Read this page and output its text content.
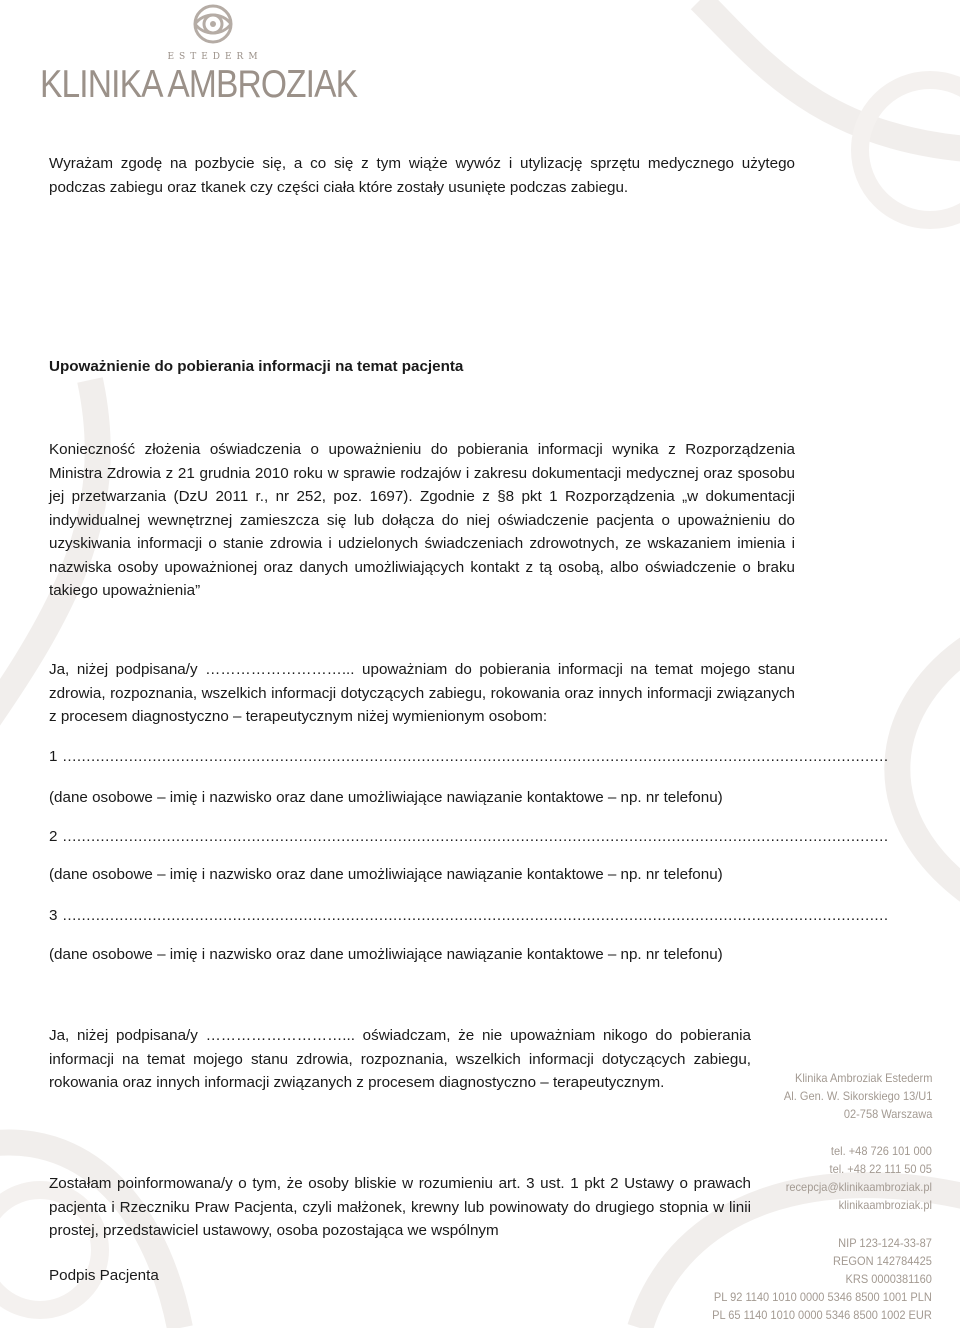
ESTEDERM
KLINIKA AMBROZIAK

Wyrażam zgodę na pozbycie się, a co się z tym wiąże wywóz i utylizację sprzętu medycznego użytego podczas zabiegu oraz tkanek czy części ciała które zostały usunięte podczas zabiegu.

Upoważnienie do pobierania informacji na temat pacjenta

Konieczność złożenia oświadczenia o upoważnieniu do pobierania informacji wynika z Rozporządzenia Ministra Zdrowia z 21 grudnia 2010 roku w sprawie rodzajów i zakresu dokumentacji medycznej oraz sposobu jej przetwarzania (DzU 2011 r., nr 252, poz. 1697). Zgodnie z §8 pkt 1 Rozporządzenia „w dokumentacji indywidualnej wewnętrznej zamieszcza się lub dołącza do niej oświadczenie pacjenta o upoważnieniu do uzyskiwania informacji o stanie zdrowia i udzielonych świadczeniach zdrowotnych, ze wskazaniem imienia i nazwiska osoby upoważnionej oraz danych umożliwiających kontakt z tą osobą, albo oświadczenie o braku takiego upoważnienia”

Ja, niżej podpisana/y ………………………... upoważniam do pobierania informacji na temat mojego stanu zdrowia, rozpoznania, wszelkich informacji dotyczących zabiegu, rokowania oraz innych informacji związanych z procesem diagnostyczno – terapeutycznym niżej wymienionym osobom:

1 ...............................................................................................................................................................................

(dane osobowe – imię i nazwisko oraz dane umożliwiające nawiązanie kontaktowe – np. nr telefonu)

2 ...............................................................................................................................................................................

(dane osobowe – imię i nazwisko oraz dane umożliwiające nawiązanie kontaktowe – np. nr telefonu)

3 ...............................................................................................................................................................................

(dane osobowe – imię i nazwisko oraz dane umożliwiające nawiązanie kontaktowe – np. nr telefonu)

Ja, niżej podpisana/y ………………………... oświadczam, że nie upoważniam nikogo do pobierania informacji na temat mojego stanu zdrowia, rozpoznania, wszelkich informacji dotyczących zabiegu, rokowania oraz innych informacji związanych z procesem diagnostyczno – terapeutycznym.

Zostałam poinformowana/y o tym, że osoby bliskie w rozumieniu art. 3 ust. 1 pkt 2 Ustawy o prawach pacjenta i Rzeczniku Praw Pacjenta, czyli małżonek, krewny lub powinowaty do drugiego stopnia w linii prostej, przedstawiciel ustawowy, osoba pozostająca we wspólnym

Podpis Pacjenta

Klinika Ambroziak Estederm
Al. Gen. W. Sikorskiego 13/U1
02-758 Warszawa
tel. +48 726 101 000
tel. +48 22 111 50 05
recepcja@klinikaambroziak.pl
klinikaambroziak.pl
NIP 123-124-33-87
REGON 142784425
KRS 0000381160
PL 92 1140 1010 0000 5346 8500 1001 PLN
PL 65 1140 1010 0000 5346 8500 1002 EUR
